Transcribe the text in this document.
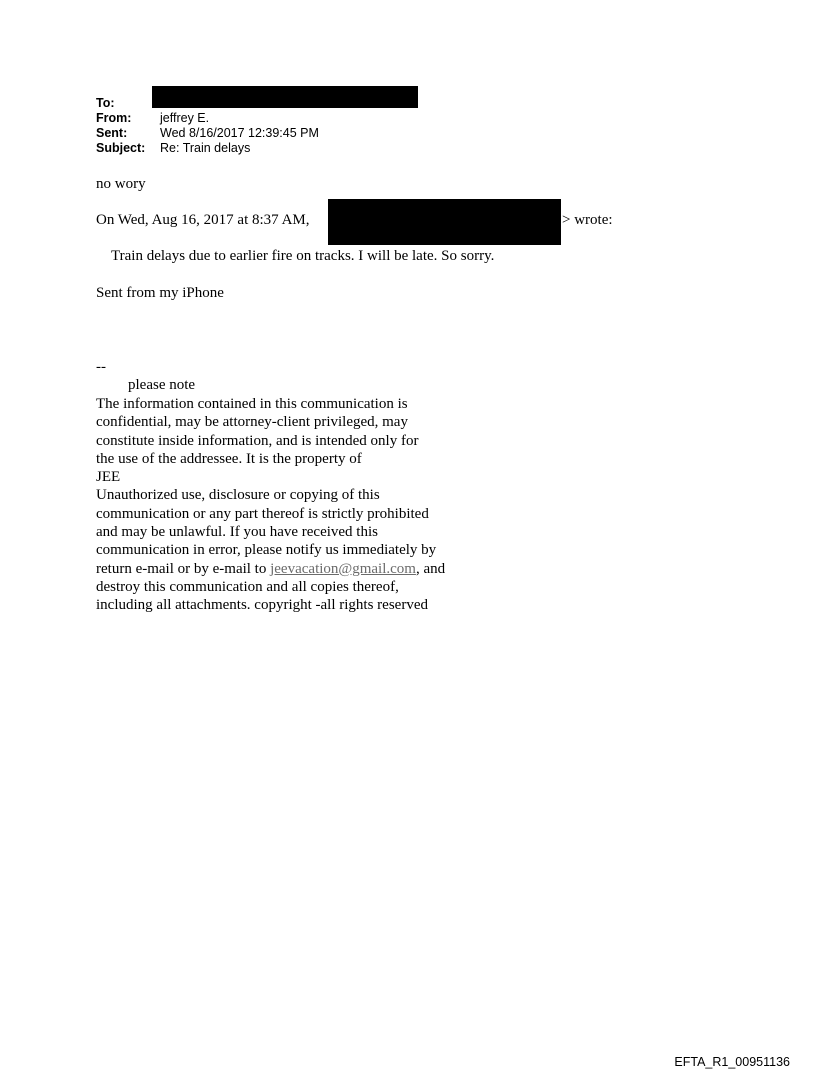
To:
From: jeffrey E.
Sent:	Wed 8/16/2017 12:39:45 PM
Subject: Re: Train delays
no wory
On Wed, Aug 16, 2017 at 8:37 AM,	> wrote:
Train delays due to earlier fire on tracks. I will be late. So sorry.
Sent from my iPhone
--
please note
The information contained in this communication is
confidential, may be attorney-client privileged, may
constitute inside information, and is intended only for
the use of the addressee. It is the property of
JEE
Unauthorized use, disclosure or copying of this
communication or any part thereof is strictly prohibited
and may be unlawful. If you have received this
communication in error, please notify us immediately by
return e-mail or by e-mail to jeevacation@gmail.com, and
destroy this communication and all copies thereof,
including all attachments. copyright -all rights reserved
EFTA_R1_00951136
